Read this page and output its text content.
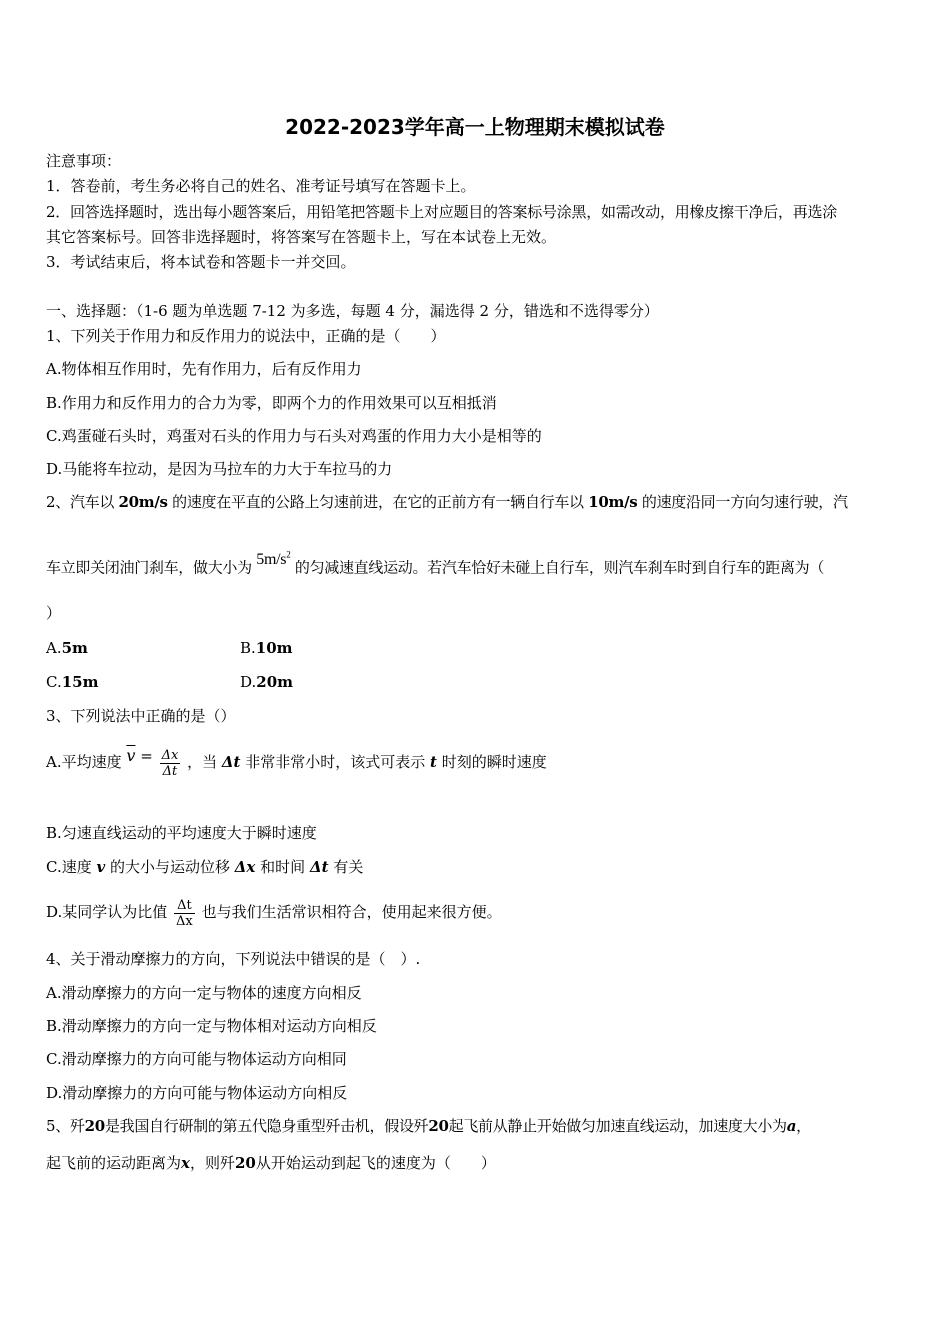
2022-2023学年高一上物理期末模拟试卷
注意事项：
1．答卷前，考生务必将自己的姓名、准考证号填写在答题卡上。
2．回答选择题时，选出每小题答案后，用铅笔把答题卡上对应题目的答案标号涂黑，如需改动，用橡皮擦干净后，再选涂
其它答案标号。回答非选择题时，将答案写在答题卡上，写在本试卷上无效。
3．考试结束后，将本试卷和答题卡一并交回。
一、选择题：（1-6 题为单选题 7-12 为多选，每题 4 分，漏选得 2 分，错选和不选得零分）
1、下列关于作用力和反作用力的说法中，正确的是（　　）
A.物体相互作用时，先有作用力，后有反作用力
B.作用力和反作用力的合力为零，即两个力的作用效果可以互相抵消
C.鸡蛋碰石头时，鸡蛋对石头的作用力与石头对鸡蛋的作用力大小是相等的
D.马能将车拉动，是因为马拉车的力大于车拉马的力
2、汽车以 20m/s 的速度在平直的公路上匀速前进，在它的正前方有一辆自行车以 10m/s 的速度沿同一方向匀速行驶，汽
车立即关闭油门刹车，做大小为 $5m/s^2$ 的匀减速直线运动。若汽车恰好未碰上自行车，则汽车刹车时到自行车的距离为（
）
A.5m	B.10m
C.15m	D.20m
3、下列说法中正确的是（）
A.平均速度 $\overline{v} = \frac{\Delta x}{\Delta t}$ ，当 Δt 非常非常小时，该式可表示 t 时刻的瞬时速度
B.匀速直线运动的平均速度大于瞬时速度
C.速度 v 的大小与运动位移 Δx 和时间 Δt 有关
D.某同学认为比值 $\frac{\Delta t}{\Delta x}$ 也与我们生活常识相符合，使用起来很方便。
4、关于滑动摩擦力的方向，下列说法中错误的是（　）.
A.滑动摩擦力的方向一定与物体的速度方向相反
B.滑动摩擦力的方向一定与物体相对运动方向相反
C.滑动摩擦力的方向可能与物体运动方向相同
D.滑动摩擦力的方向可能与物体运动方向相反
5、歼20是我国自行研制的第五代隐身重型歼击机，假设歼20起飞前从静止开始做匀加速直线运动，加速度大小为a，
起飞前的运动距离为x，则歼20从开始运动到起飞的速度为（　　）
